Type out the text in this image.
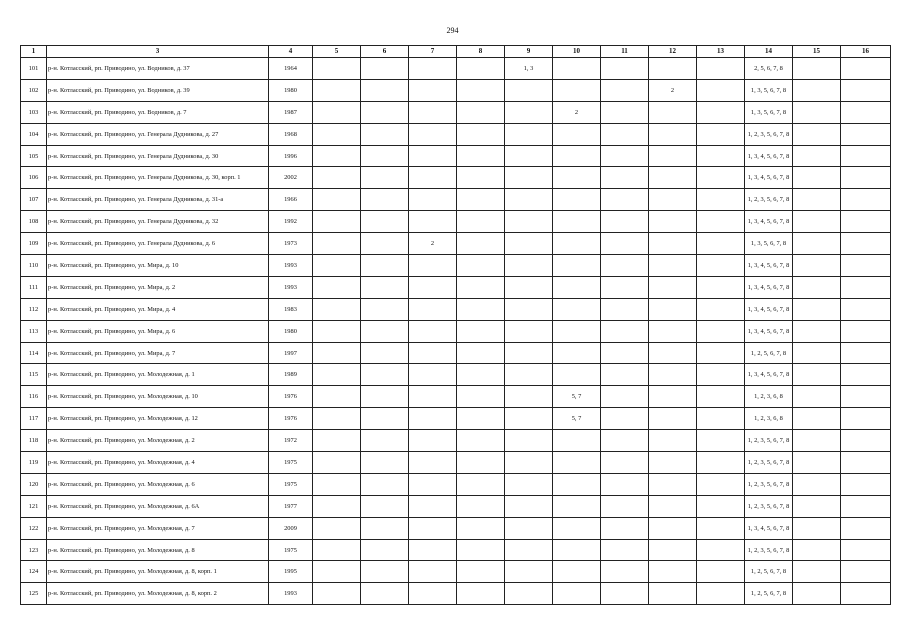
294
1	3	4	5	6	7	8	9	10	11	12	13	14	15	16
101	р-н. Котласский, рп. Приводино, ул. Водников, д. 37	1964					1, 3					2, 5, 6, 7, 8		
102	р-н. Котласский, рп. Приводино, ул. Водников, д. 39	1980								2		1, 3, 5, 6, 7, 8		
103	р-н. Котласский, рп. Приводино, ул. Водников, д. 7	1987						2				1, 3, 5, 6, 7, 8		
104	р-н. Котласский, рп. Приводино, ул. Генерала Дудникова, д. 27	1968										1, 2, 3, 5, 6, 7, 8		
105	р-н. Котласский, рп. Приводино, ул. Генерала Дудникова, д. 30	1996										1, 3, 4, 5, 6, 7, 8		
106	р-н. Котласский, рп. Приводино, ул. Генерала Дудникова, д. 30, корп. 1	2002										1, 3, 4, 5, 6, 7, 8		
107	р-н. Котласский, рп. Приводино, ул. Генерала Дудникова, д. 31-а	1966										1, 2, 3, 5, 6, 7, 8		
108	р-н. Котласский, рп. Приводино, ул. Генерала Дудникова, д. 32	1992										1, 3, 4, 5, 6, 7, 8		
109	р-н. Котласский, рп. Приводино, ул. Генерала Дудникова, д. 6	1973			2							1, 3, 5, 6, 7, 8		
110	р-н. Котласский, рп. Приводино, ул. Мира, д. 10	1993										1, 3, 4, 5, 6, 7, 8		
111	р-н. Котласский, рп. Приводино, ул. Мира, д. 2	1993										1, 3, 4, 5, 6, 7, 8		
112	р-н. Котласский, рп. Приводино, ул. Мира, д. 4	1983										1, 3, 4, 5, 6, 7, 8		
113	р-н. Котласский, рп. Приводино, ул. Мира, д. 6	1980										1, 3, 4, 5, 6, 7, 8		
114	р-н. Котласский, рп. Приводино, ул. Мира, д. 7	1997										1, 2, 5, 6, 7, 8		
115	р-н. Котласский, рп. Приводино, ул. Молодежная, д. 1	1989										1, 3, 4, 5, 6, 7, 8		
116	р-н. Котласский, рп. Приводино, ул. Молодежная, д. 10	1976						5, 7				1, 2, 3, 6, 8		
117	р-н. Котласский, рп. Приводино, ул. Молодежная, д. 12	1976						5, 7				1, 2, 3, 6, 8		
118	р-н. Котласский, рп. Приводино, ул. Молодежная, д. 2	1972										1, 2, 3, 5, 6, 7, 8		
119	р-н. Котласский, рп. Приводино, ул. Молодежная, д. 4	1975										1, 2, 3, 5, 6, 7, 8		
120	р-н. Котласский, рп. Приводино, ул. Молодежная, д. 6	1975										1, 2, 3, 5, 6, 7, 8		
121	р-н. Котласский, рп. Приводино, ул. Молодежная, д. 6А	1977										1, 2, 3, 5, 6, 7, 8		
122	р-н. Котласский, рп. Приводино, ул. Молодежная, д. 7	2009										1, 3, 4, 5, 6, 7, 8		
123	р-н. Котласский, рп. Приводино, ул. Молодежная, д. 8	1975										1, 2, 3, 5, 6, 7, 8		
124	р-н. Котласский, рп. Приводино, ул. Молодежная, д. 8, корп. 1	1995										1, 2, 5, 6, 7, 8		
125	р-н. Котласский, рп. Приводино, ул. Молодежная, д. 8, корп. 2	1993										1, 2, 5, 6, 7, 8		
